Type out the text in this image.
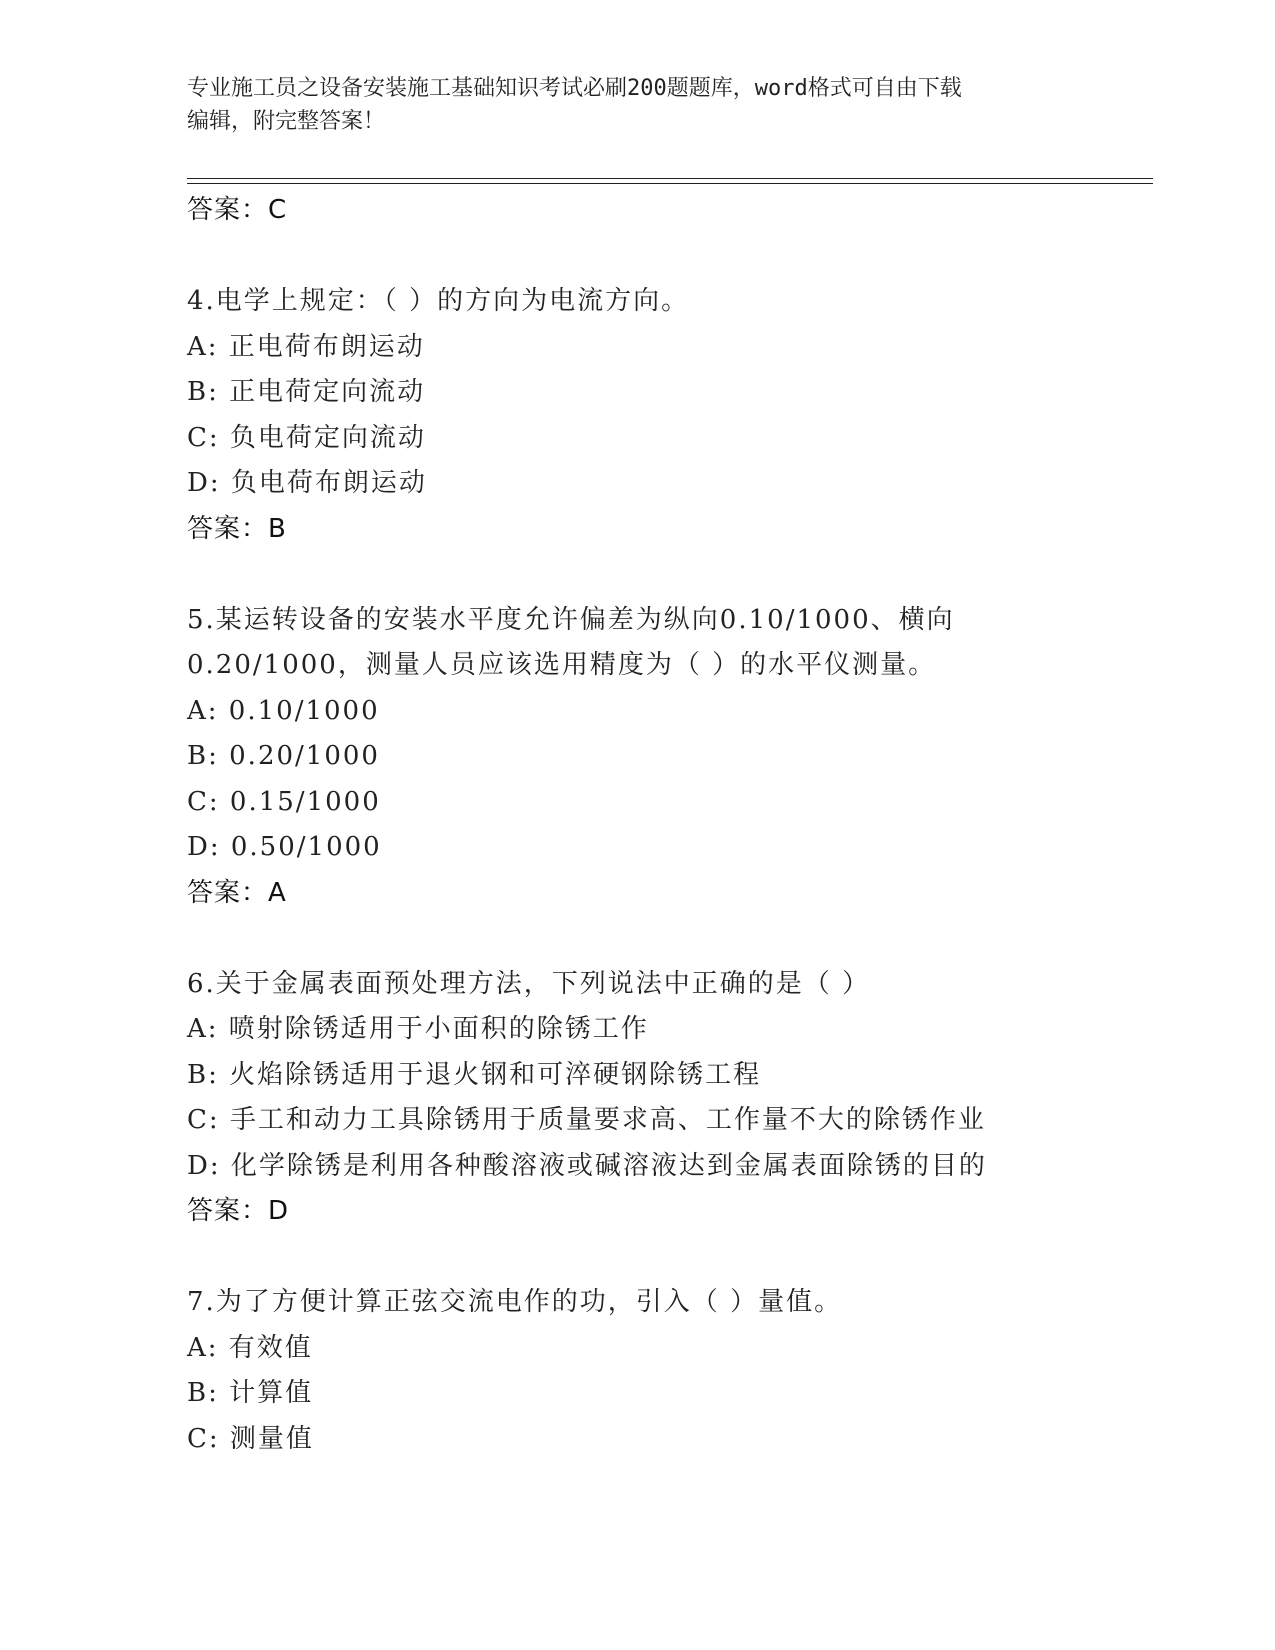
专业施工员之设备安装施工基础知识考试必刷200题题库，word格式可自由下载
编辑，附完整答案！
答案：C
4.电学上规定：（ ）的方向为电流方向。
A: 正电荷布朗运动
B: 正电荷定向流动
C: 负电荷定向流动
D: 负电荷布朗运动
答案：B
5.某运转设备的安装水平度允许偏差为纵向0.10/1000、横向
0.20/1000，测量人员应该选用精度为（ ）的水平仪测量。
A: 0.10/1000
B: 0.20/1000
C: 0.15/1000
D: 0.50/1000
答案：A
6.关于金属表面预处理方法，下列说法中正确的是（ ）
A: 喷射除锈适用于小面积的除锈工作
B: 火焰除锈适用于退火钢和可淬硬钢除锈工程
C: 手工和动力工具除锈用于质量要求高、工作量不大的除锈作业
D: 化学除锈是利用各种酸溶液或碱溶液达到金属表面除锈的目的
答案：D
7.为了方便计算正弦交流电作的功，引入（ ）量值。
A: 有效值
B: 计算值
C: 测量值
